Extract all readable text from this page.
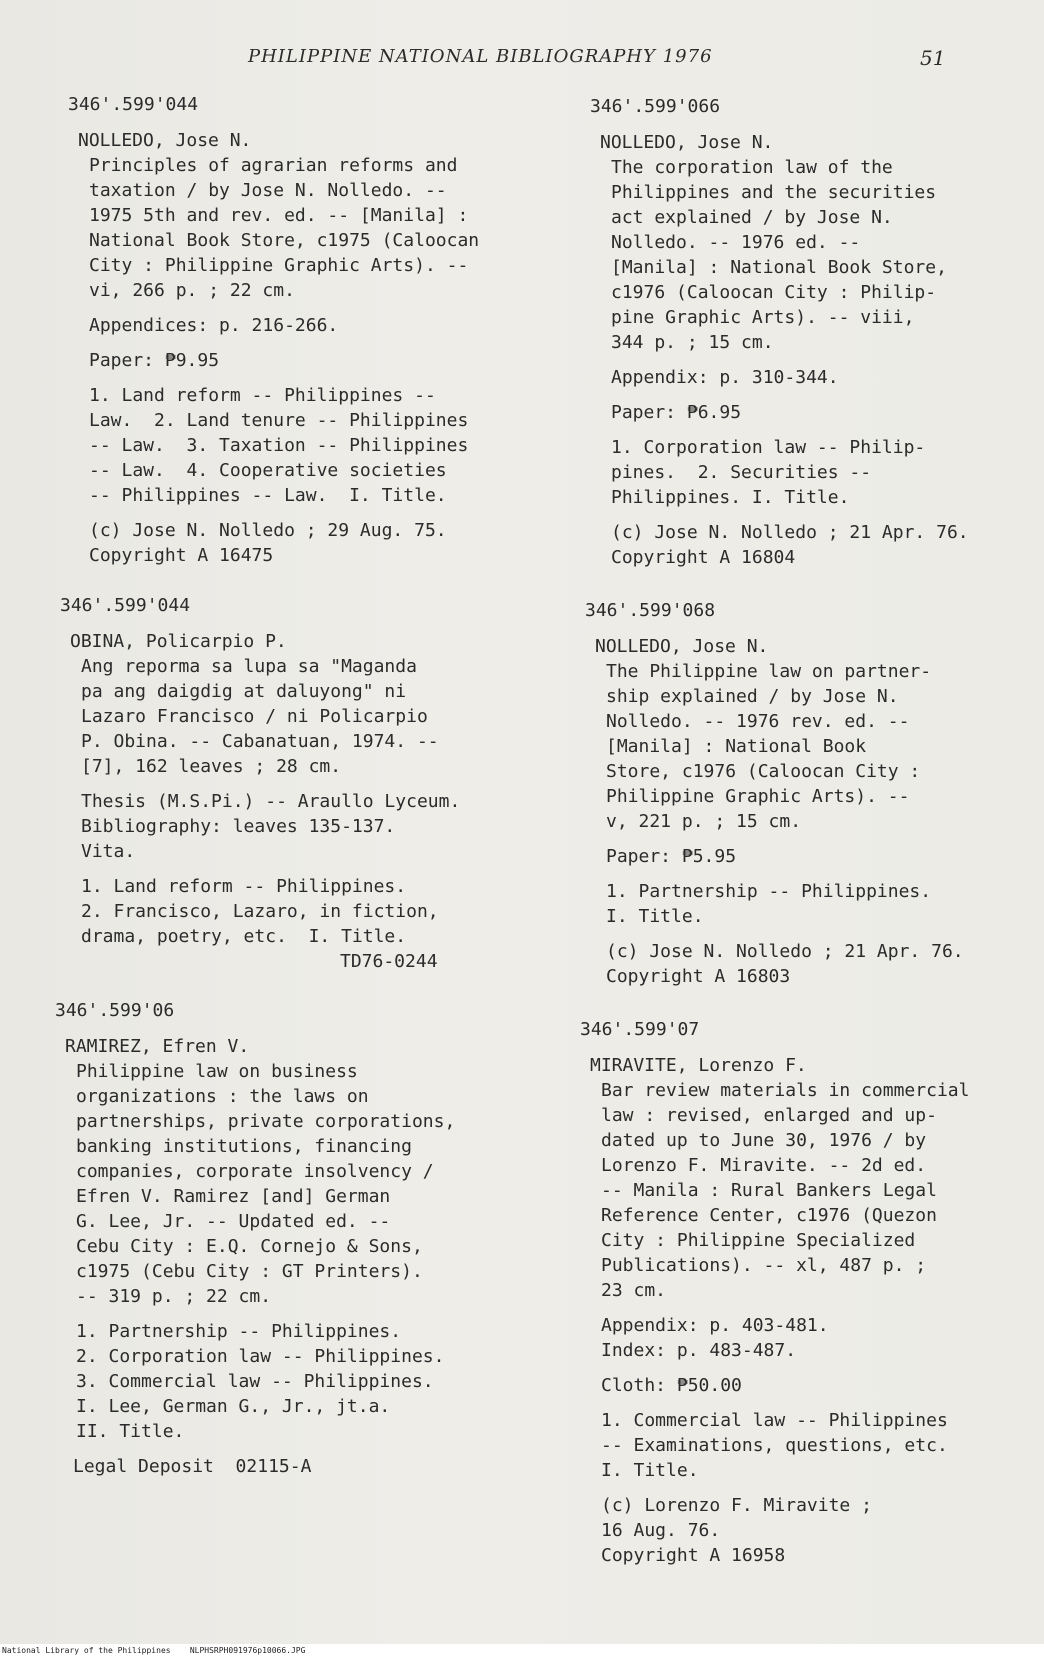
PHILIPPINE NATIONAL BIBLIOGRAPHY 1976	51

346'.599'044

NOLLEDO, Jose N.

Principles of agrarian reforms and

taxation / by Jose N. Nolledo. --

1975 5th and rev. ed. -- [Manila] :

National Book Store, c1975 (Caloocan

City : Philippine Graphic Arts). --

vi, 266 p. ; 22 cm.

Appendices: p. 216-266.

Paper: ₱9.95

1. Land reform -- Philippines --

Law.  2. Land tenure -- Philippines

-- Law.  3. Taxation -- Philippines

-- Law.  4. Cooperative societies

-- Philippines -- Law.  I. Title.

(c) Jose N. Nolledo ; 29 Aug. 75.

Copyright A 16475

346'.599'044

OBINA, Policarpio P.

Ang reporma sa lupa sa "Maganda

pa ang daigdig at daluyong" ni

Lazaro Francisco / ni Policarpio

P. Obina. -- Cabanatuan, 1974. --

[7], 162 leaves ; 28 cm.

Thesis (M.S.Pi.) -- Araullo Lyceum.

Bibliography: leaves 135-137.

Vita.

1. Land reform -- Philippines.

2. Francisco, Lazaro, in fiction,

drama, poetry, etc.  I. Title.

TD76-0244

346'.599'06

RAMIREZ, Efren V.

Philippine law on business

organizations : the laws on

partnerships, private corporations,

banking institutions, financing

companies, corporate insolvency /

Efren V. Ramirez [and] German

G. Lee, Jr. -- Updated ed. --

Cebu City : E.Q. Cornejo & Sons,

c1975 (Cebu City : GT Printers).

-- 319 p. ; 22 cm.

1. Partnership -- Philippines.

2. Corporation law -- Philippines.

3. Commercial law -- Philippines.

I. Lee, German G., Jr., jt.a.

II. Title.

Legal Deposit  02115-A

346'.599'066

NOLLEDO, Jose N.

The corporation law of the

Philippines and the securities

act explained / by Jose N.

Nolledo. -- 1976 ed. --

[Manila] : National Book Store,

c1976 (Caloocan City : Philip-

pine Graphic Arts). -- viii,

344 p. ; 15 cm.

Appendix: p. 310-344.

Paper: ₱6.95

1. Corporation law -- Philip-

pines.  2. Securities --

Philippines. I. Title.

(c) Jose N. Nolledo ; 21 Apr. 76.

Copyright A 16804

346'.599'068

NOLLEDO, Jose N.

The Philippine law on partner-

ship explained / by Jose N.

Nolledo. -- 1976 rev. ed. --

[Manila] : National Book

Store, c1976 (Caloocan City :

Philippine Graphic Arts). --

v, 221 p. ; 15 cm.

Paper: ₱5.95

1. Partnership -- Philippines.

I. Title.

(c) Jose N. Nolledo ; 21 Apr. 76.

Copyright A 16803

346'.599'07

MIRAVITE, Lorenzo F.

Bar review materials in commercial

law : revised, enlarged and up-

dated up to June 30, 1976 / by

Lorenzo F. Miravite. -- 2d ed.

-- Manila : Rural Bankers Legal

Reference Center, c1976 (Quezon

City : Philippine Specialized

Publications). -- xl, 487 p. ;

23 cm.

Appendix: p. 403-481.

Index: p. 483-487.

Cloth: ₱50.00

1. Commercial law -- Philippines

-- Examinations, questions, etc.

I. Title.

(c) Lorenzo F. Miravite ;

16 Aug. 76.

Copyright A 16958

National Library of the Philippines    NLPHSRPH091976p10066.JPG
